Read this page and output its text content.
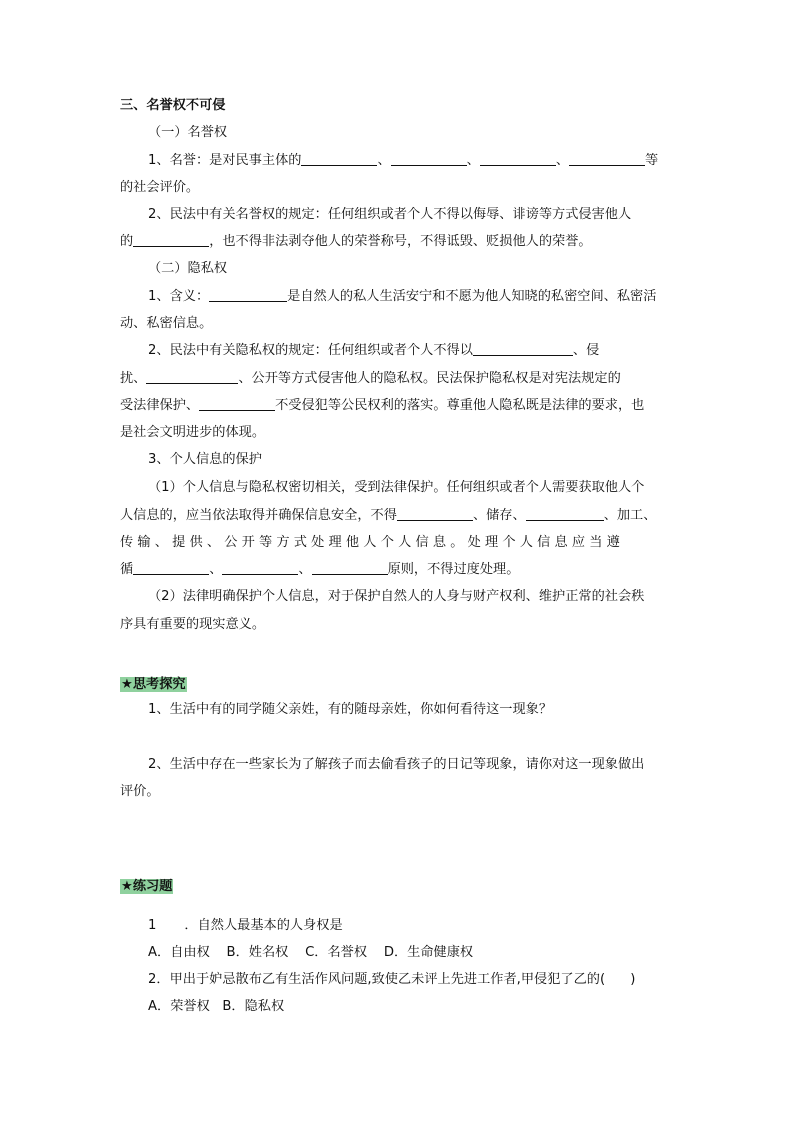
三、名誉权不可侵
（一）名誉权
1、名誉：是对民事主体的	、	、	、	等
的社会评价。
2、民法中有关名誉权的规定：任何组织或者个人不得以侮辱、诽谤等方式侵害他人
的	，也不得非法剥夺他人的荣誉称号，不得诋毁、贬损他人的荣誉。
（二）隐私权
1、含义：	是自然人的私人生活安宁和不愿为他人知晓的私密空间、私密活
动、私密信息。
2、民法中有关隐私权的规定：任何组织或者个人不得以	、侵
扰、	、公开等方式侵害他人的隐私权。民法保护隐私权是对宪法规定的
受法律保护、	不受侵犯等公民权利的落实。尊重他人隐私既是法律的要求，也
是社会文明进步的体现。
3、个人信息的保护
（1）个人信息与隐私权密切相关，受到法律保护。任何组织或者个人需要获取他人个
人信息的，应当依法取得并确保信息安全，不得	、储存、	、加工、
传 输 、 提 供 、 公 开 等 方 式 处 理 他 人 个 人 信 息 。 处 理 个 人 信 息 应 当 遵
循	、	、	原则，不得过度处理。
（2）法律明确保护个人信息，对于保护自然人的人身与财产权利、维护正常的社会秩
序具有重要的现实意义。
★思考探究
1、生活中有的同学随父亲姓，有的随母亲姓，你如何看待这一现象？
2、生活中存在一些家长为了解孩子而去偷看孩子的日记等现象，请你对这一现象做出
评价。
★练习题
1 ．自然人最基本的人身权是
A．自由权    B．姓名权    C．名誉权    D．生命健康权
2．甲出于妒忌散布乙有生活作风问题,致使乙未评上先进工作者,甲侵犯了乙的(      )
A．荣誉权   B．隐私权
